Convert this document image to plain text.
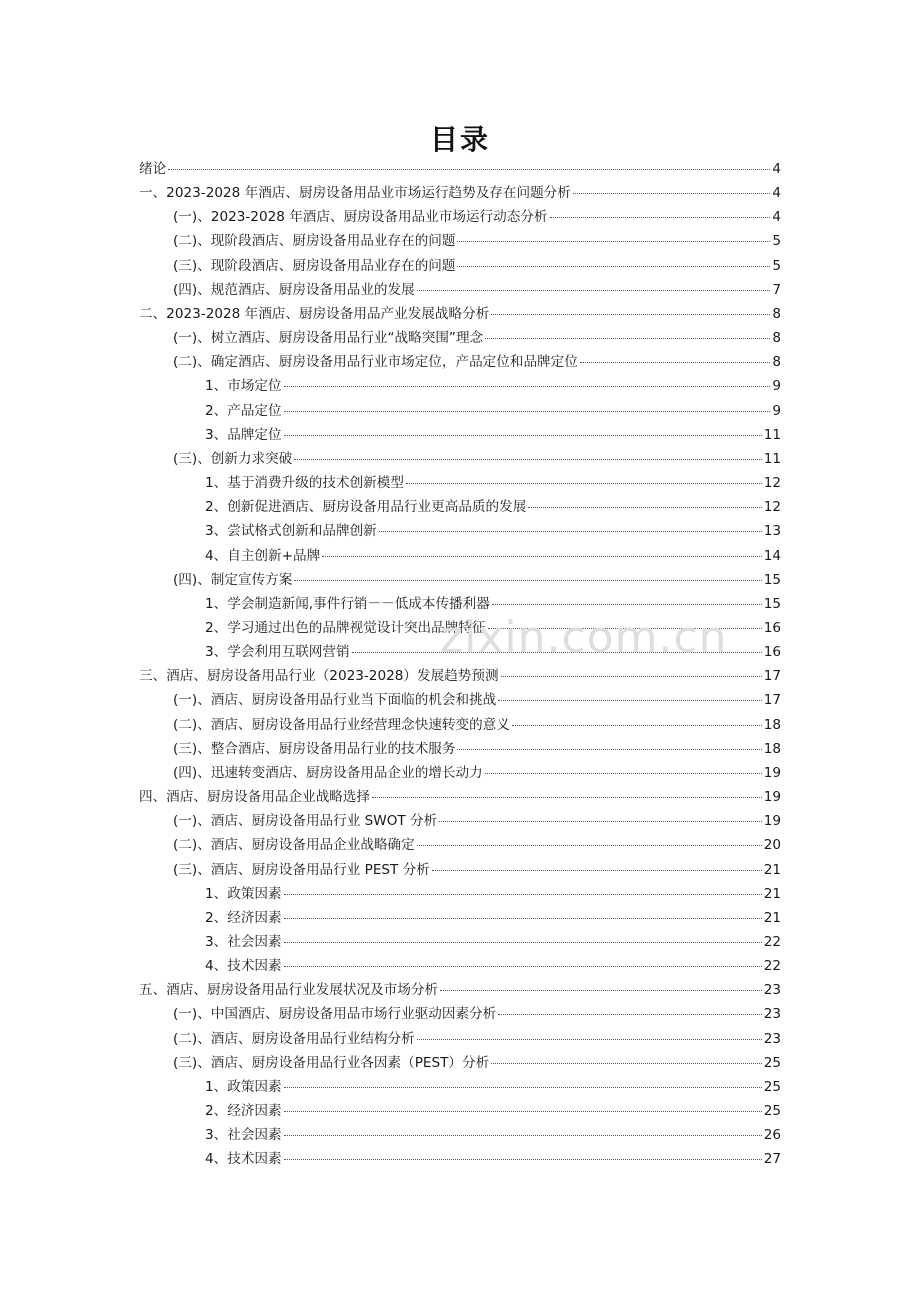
目录
绪论	4
一、2023-2028 年酒店、厨房设备用品业市场运行趋势及存在问题分析	4
(一)、2023-2028 年酒店、厨房设备用品业市场运行动态分析	4
(二)、现阶段酒店、厨房设备用品业存在的问题	5
(三)、现阶段酒店、厨房设备用品业存在的问题	5
(四)、规范酒店、厨房设备用品业的发展	7
二、2023-2028 年酒店、厨房设备用品产业发展战略分析	8
(一)、树立酒店、厨房设备用品行业“战略突围”理念	8
(二)、确定酒店、厨房设备用品行业市场定位，产品定位和品牌定位	8
1、市场定位	9
2、产品定位	9
3、品牌定位	11
(三)、创新力求突破	11
1、基于消费升级的技术创新模型	12
2、创新促进酒店、厨房设备用品行业更高品质的发展	12
3、尝试格式创新和品牌创新	13
4、自主创新+品牌	14
(四)、制定宣传方案	15
1、学会制造新闻,事件行销－－低成本传播利器	15
2、学习通过出色的品牌视觉设计突出品牌特征	16
3、学会利用互联网营销	16
三、酒店、厨房设备用品行业（2023-2028）发展趋势预测	17
(一)、酒店、厨房设备用品行业当下面临的机会和挑战	17
(二)、酒店、厨房设备用品行业经营理念快速转变的意义	18
(三)、整合酒店、厨房设备用品行业的技术服务	18
(四)、迅速转变酒店、厨房设备用品企业的增长动力	19
四、酒店、厨房设备用品企业战略选择	19
(一)、酒店、厨房设备用品行业 SWOT 分析	19
(二)、酒店、厨房设备用品企业战略确定	20
(三)、酒店、厨房设备用品行业 PEST 分析	21
1、政策因素	21
2、经济因素	21
3、社会因素	22
4、技术因素	22
五、酒店、厨房设备用品行业发展状况及市场分析	23
(一)、中国酒店、厨房设备用品市场行业驱动因素分析	23
(二)、酒店、厨房设备用品行业结构分析	23
(三)、酒店、厨房设备用品行业各因素（PEST）分析	25
1、政策因素	25
2、经济因素	25
3、社会因素	26
4、技术因素	27
zixin.com.cn
